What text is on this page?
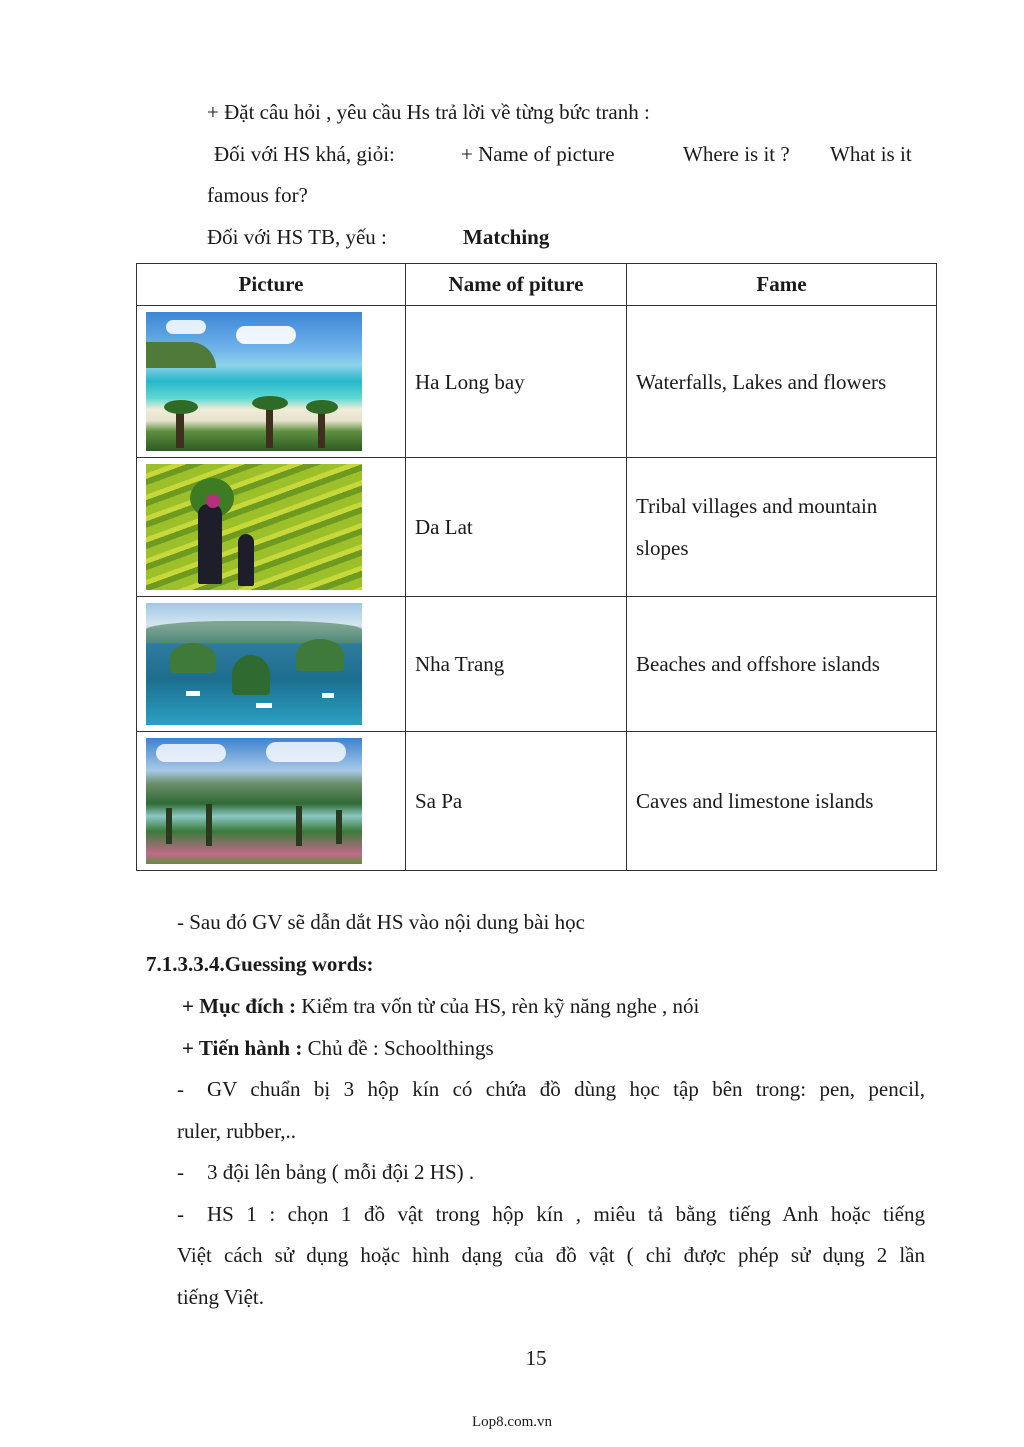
+ Đặt câu hỏi , yêu cầu Hs trả lời về từng bức tranh :
Đối với HS khá, giỏi:	+ Name of picture	Where is it ? What is it
famous for?
Đối với HS TB, yếu :	Matching
Picture	Name of piture	Fame

	Ha Long bay	Waterfalls, Lakes and flowers

	Da Lat	Tribal villages and mountain
slopes

	Nha Trang	Beaches and offshore islands

	Sa Pa	Caves and limestone islands
- Sau đó GV sẽ dẫn dắt HS vào nội dung bài học
7.1.3.3.4.Guessing words:
+ Mục đích : Kiểm tra vốn từ của HS, rèn kỹ năng nghe , nói
+ Tiến hành : Chủ đề : Schoolthings
- GV chuẩn bị 3 hộp kín có chứa đồ dùng học tập bên trong: pen, pencil,
ruler, rubber,..
- 3 đội lên bảng ( mỗi đội 2 HS) .
- HS 1 : chọn 1 đồ vật trong hộp kín , miêu tả bằng tiếng Anh hoặc tiếng
Việt cách sử dụng hoặc hình dạng của đồ vật ( chỉ được phép sử dụng 2 lần
tiếng Việt.
15
Lop8.com.vn
